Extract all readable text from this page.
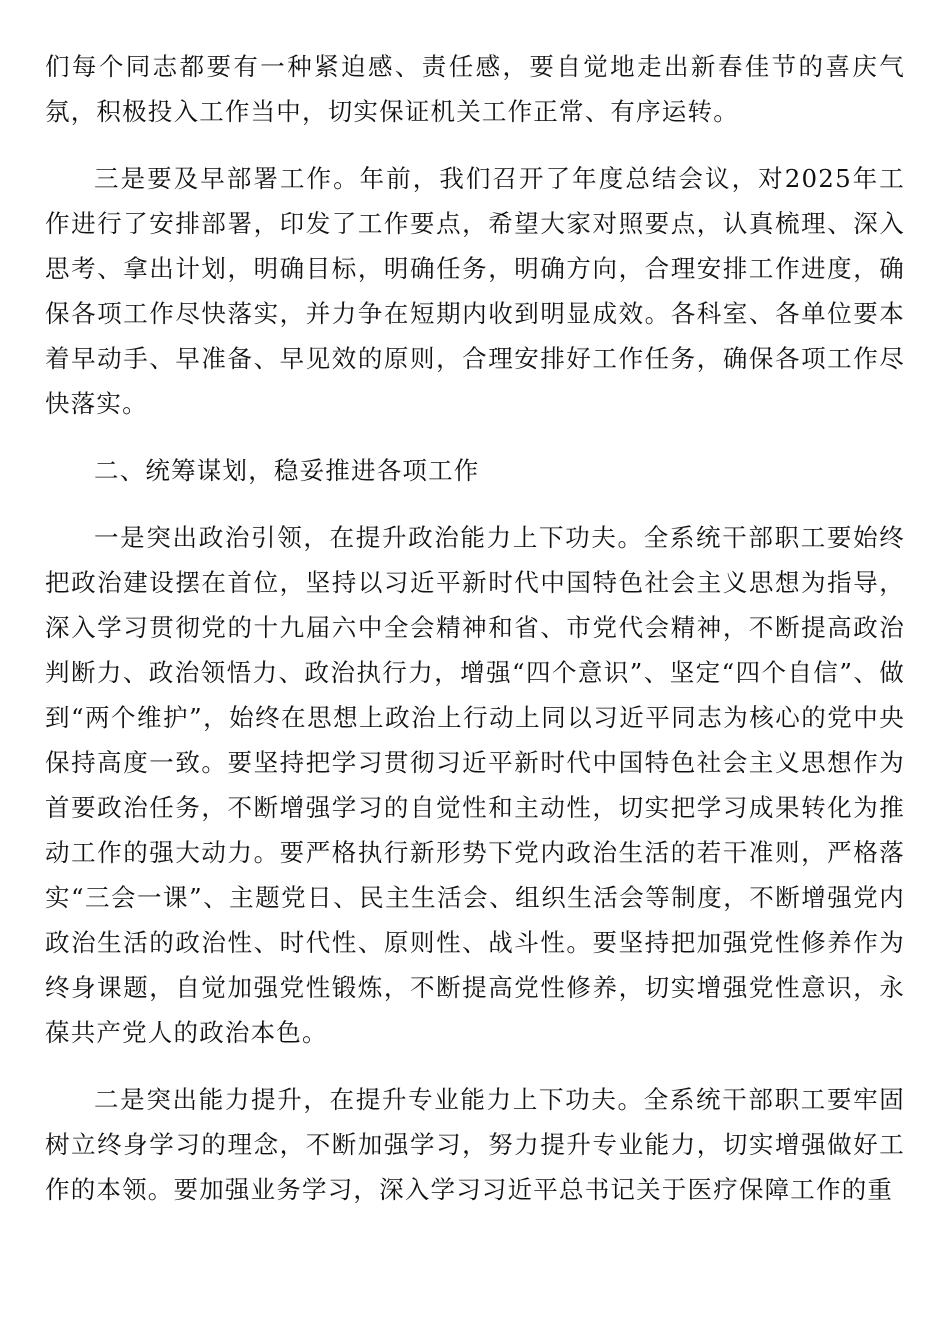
们每个同志都要有一种紧迫感、责任感，要自觉地走出新春佳节的喜庆气氛，积极投入工作当中，切实保证机关工作正常、有序运转。

三是要及早部署工作。年前，我们召开了年度总结会议，对2025年工作进行了安排部署，印发了工作要点，希望大家对照要点，认真梳理、深入思考、拿出计划，明确目标，明确任务，明确方向，合理安排工作进度，确保各项工作尽快落实，并力争在短期内收到明显成效。各科室、各单位要本着早动手、早准备、早见效的原则，合理安排好工作任务，确保各项工作尽快落实。

二、统筹谋划，稳妥推进各项工作

一是突出政治引领，在提升政治能力上下功夫。全系统干部职工要始终把政治建设摆在首位，坚持以习近平新时代中国特色社会主义思想为指导，深入学习贯彻党的十九届六中全会精神和省、市党代会精神，不断提高政治判断力、政治领悟力、政治执行力，增强“四个意识”、坚定“四个自信”、做到“两个维护”，始终在思想上政治上行动上同以习近平同志为核心的党中央保持高度一致。要坚持把学习贯彻习近平新时代中国特色社会主义思想作为首要政治任务，不断增强学习的自觉性和主动性，切实把学习成果转化为推动工作的强大动力。要严格执行新形势下党内政治生活的若干准则，严格落实“三会一课”、主题党日、民主生活会、组织生活会等制度，不断增强党内政治生活的政治性、时代性、原则性、战斗性。要坚持把加强党性修养作为终身课题，自觉加强党性锻炼，不断提高党性修养，切实增强党性意识，永葆共产党人的政治本色。

二是突出能力提升，在提升专业能力上下功夫。全系统干部职工要牢固树立终身学习的理念，不断加强学习，努力提升专业能力，切实增强做好工作的本领。要加强业务学习，深入学习习近平总书记关于医疗保障工作的重
